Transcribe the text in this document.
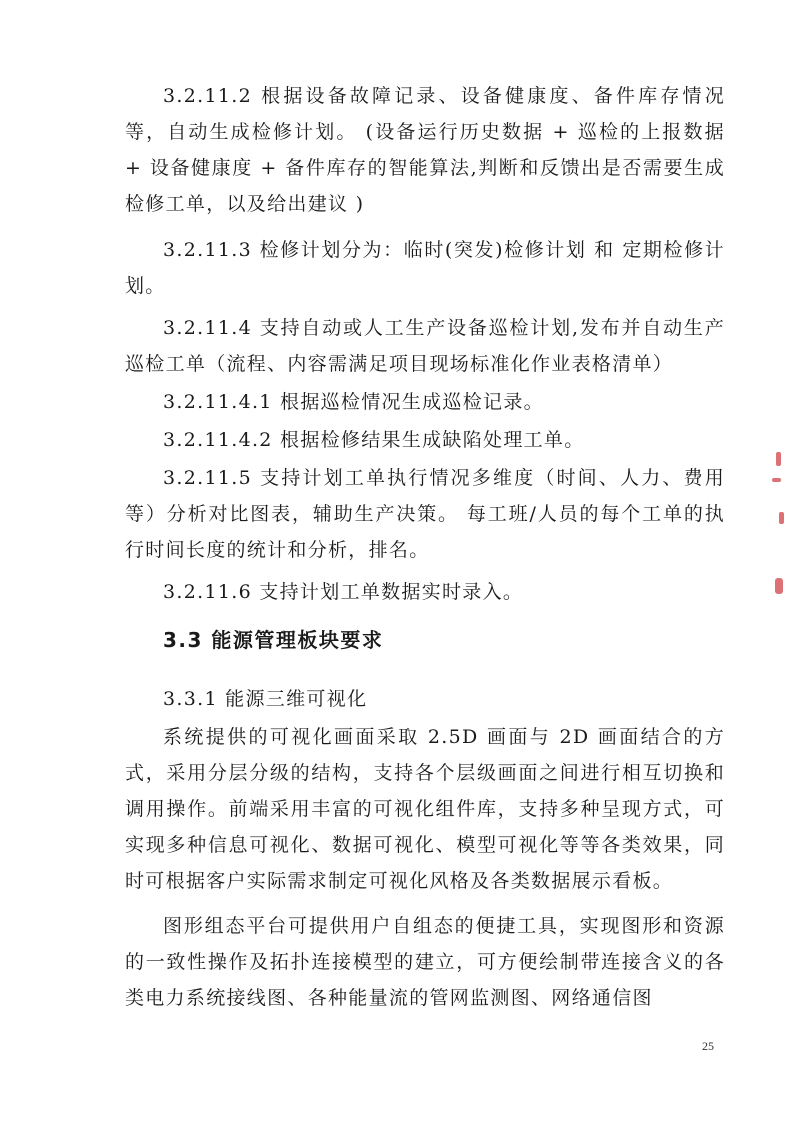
3.2.11.2 根据设备故障记录、设备健康度、备件库存情况等，自动生成检修计划。 (设备运行历史数据 + 巡检的上报数据 + 设备健康度 + 备件库存的智能算法,判断和反馈出是否需要生成检修工单，以及给出建议 )

3.2.11.3 检修计划分为：临时(突发)检修计划 和 定期检修计划。

3.2.11.4 支持自动或人工生产设备巡检计划,发布并自动生产巡检工单（流程、内容需满足项目现场标准化作业表格清单）

3.2.11.4.1 根据巡检情况生成巡检记录。

3.2.11.4.2 根据检修结果生成缺陷处理工单。

3.2.11.5 支持计划工单执行情况多维度（时间、人力、费用等）分析对比图表，辅助生产决策。 每工班/人员的每个工单的执行时间长度的统计和分析，排名。

3.2.11.6 支持计划工单数据实时录入。

3.3 能源管理板块要求

3.3.1 能源三维可视化

系统提供的可视化画面采取 2.5D 画面与 2D 画面结合的方式，采用分层分级的结构，支持各个层级画面之间进行相互切换和调用操作。前端采用丰富的可视化组件库，支持多种呈现方式，可实现多种信息可视化、数据可视化、模型可视化等等各类效果，同时可根据客户实际需求制定可视化风格及各类数据展示看板。

图形组态平台可提供用户自组态的便捷工具，实现图形和资源的一致性操作及拓扑连接模型的建立，可方便绘制带连接含义的各类电力系统接线图、各种能量流的管网监测图、网络通信图

25
